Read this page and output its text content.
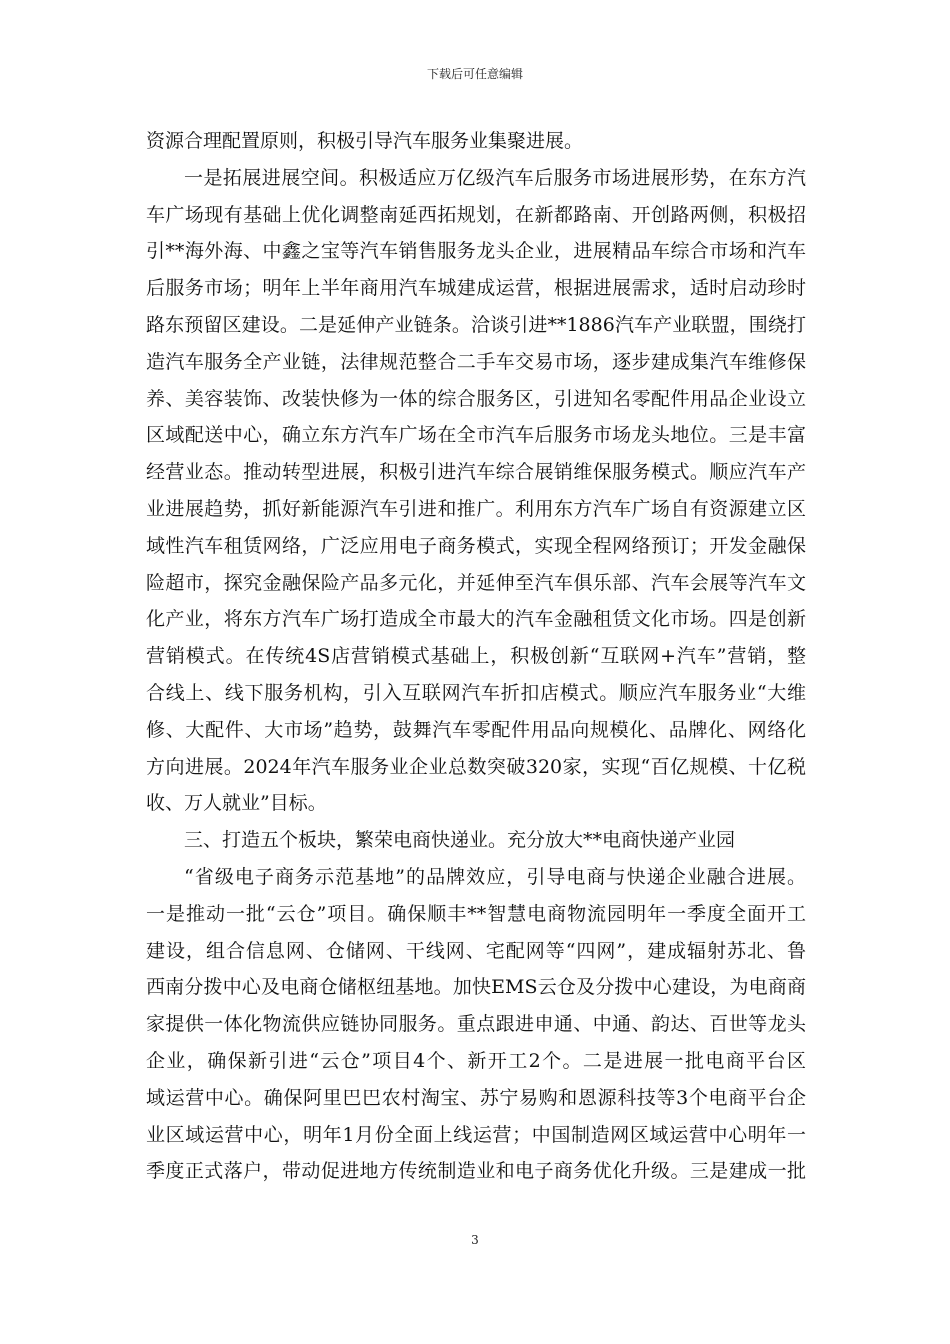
下载后可任意编辑
资源合理配置原则，积极引导汽车服务业集聚进展。
一是拓展进展空间。积极适应万亿级汽车后服务市场进展形势，在东方汽
车广场现有基础上优化调整南延西拓规划，在新都路南、开创路两侧，积极招
引**海外海、中鑫之宝等汽车销售服务龙头企业，进展精品车综合市场和汽车
后服务市场；明年上半年商用汽车城建成运营，根据进展需求，适时启动珍时
路东预留区建设。二是延伸产业链条。洽谈引进**1886汽车产业联盟，围绕打
造汽车服务全产业链，法律规范整合二手车交易市场，逐步建成集汽车维修保
养、美容装饰、改装快修为一体的综合服务区，引进知名零配件用品企业设立
区域配送中心，确立东方汽车广场在全市汽车后服务市场龙头地位。三是丰富
经营业态。推动转型进展，积极引进汽车综合展销维保服务模式。顺应汽车产
业进展趋势，抓好新能源汽车引进和推广。利用东方汽车广场自有资源建立区
域性汽车租赁网络，广泛应用电子商务模式，实现全程网络预订；开发金融保
险超市，探究金融保险产品多元化，并延伸至汽车俱乐部、汽车会展等汽车文
化产业，将东方汽车广场打造成全市最大的汽车金融租赁文化市场。四是创新
营销模式。在传统4S店营销模式基础上，积极创新“互联网+汽车”营销，整
合线上、线下服务机构，引入互联网汽车折扣店模式。顺应汽车服务业“大维
修、大配件、大市场”趋势，鼓舞汽车零配件用品向规模化、品牌化、网络化
方向进展。2024年汽车服务业企业总数突破320家，实现“百亿规模、十亿税
收、万人就业”目标。
三、打造五个板块，繁荣电商快递业。充分放大**电商快递产业园
“省级电子商务示范基地”的品牌效应，引导电商与快递企业融合进展。
一是推动一批“云仓”项目。确保顺丰**智慧电商物流园明年一季度全面开工
建设，组合信息网、仓储网、干线网、宅配网等“四网”，建成辐射苏北、鲁
西南分拨中心及电商仓储枢纽基地。加快EMS云仓及分拨中心建设，为电商商
家提供一体化物流供应链协同服务。重点跟进申通、中通、韵达、百世等龙头
企业，确保新引进“云仓”项目4个、新开工2个。二是进展一批电商平台区
域运营中心。确保阿里巴巴农村淘宝、苏宁易购和恩源科技等3个电商平台企
业区域运营中心，明年1月份全面上线运营；中国制造网区域运营中心明年一
季度正式落户，带动促进地方传统制造业和电子商务优化升级。三是建成一批
3
